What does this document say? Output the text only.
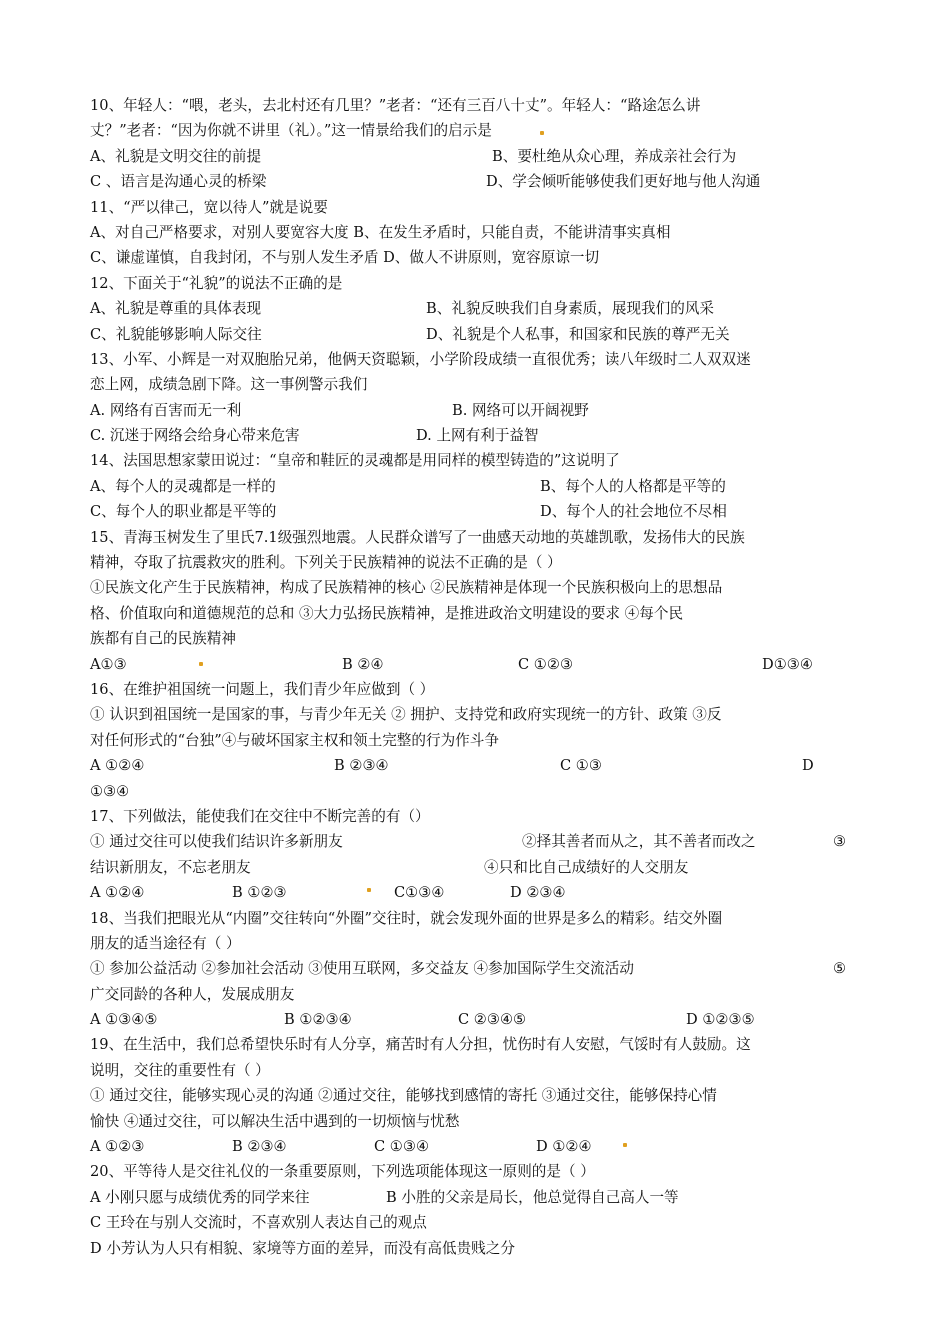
10、年轻人：“喂，老头，去北村还有几里？”老者：“还有三百八十丈”。年轻人：“路途怎么讲
丈？”老者：“因为你就不讲里（礼）。”这一情景给我们的启示是
A、礼貌是文明交往的前提	B、要杜绝从众心理，养成亲社会行为
C 、语言是沟通心灵的桥梁	D、学会倾听能够使我们更好地与他人沟通
11、“严以律己，宽以待人”就是说要
A、对自己严格要求，对别人要宽容大度 B、在发生矛盾时，只能自责，不能讲清事实真相
C、谦虚谨慎，自我封闭，不与别人发生矛盾 D、做人不讲原则，宽容原谅一切
12、下面关于“礼貌”的说法不正确的是
A、礼貌是尊重的具体表现	B、礼貌反映我们自身素质，展现我们的风采
C、礼貌能够影响人际交往	D、礼貌是个人私事，和国家和民族的尊严无关
13、小军、小辉是一对双胞胎兄弟，他俩天资聪颖，小学阶段成绩一直很优秀；读八年级时二人双双迷
恋上网，成绩急剧下降。这一事例警示我们
A. 网络有百害而无一利	B. 网络可以开阔视野
C. 沉迷于网络会给身心带来危害	D. 上网有利于益智
14、法国思想家蒙田说过：“皇帝和鞋匠的灵魂都是用同样的模型铸造的”这说明了
A、每个人的灵魂都是一样的	B、每个人的人格都是平等的
C、每个人的职业都是平等的	D、每个人的社会地位不尽相
15、青海玉树发生了里氏7.1级强烈地震。人民群众谱写了一曲感天动地的英雄凯歌，发扬伟大的民族
精神，夺取了抗震救灾的胜利。下列关于民族精神的说法不正确的是（ ）
①民族文化产生于民族精神，构成了民族精神的核心 ②民族精神是体现一个民族积极向上的思想品
格、价值取向和道德规范的总和 ③大力弘扬民族精神，是推进政治文明建设的要求 ④每个民
族都有自己的民族精神
A①③	B ②④	C ①②③	D①③④
16、在维护祖国统一问题上，我们青少年应做到（ ）
① 认识到祖国统一是国家的事，与青少年无关 ② 拥护、支持党和政府实现统一的方针、政策 ③反
对任何形式的“台独”④与破坏国家主权和领土完整的行为作斗争
A ①②④	B ②③④	C ①③	D
①③④
17、下列做法，能使我们在交往中不断完善的有（）
① 通过交往可以使我们结识许多新朋友	②择其善者而从之，其不善者而改之	③
结识新朋友，不忘老朋友	④只和比自己成绩好的人交朋友
A ①②④	B ①②③	C①③④	D ②③④
18、当我们把眼光从“内圈”交往转向“外圈”交往时，就会发现外面的世界是多么的精彩。结交外圈
朋友的适当途径有（ ）
① 参加公益活动 ②参加社会活动 ③使用互联网，多交益友 ④参加国际学生交流活动	⑤
广交同龄的各种人，发展成朋友
A ①③④⑤	B ①②③④	C ②③④⑤	D ①②③⑤
19、在生活中，我们总希望快乐时有人分享，痛苦时有人分担，忧伤时有人安慰，气馁时有人鼓励。这
说明，交往的重要性有（ ）
① 通过交往，能够实现心灵的沟通 ②通过交往，能够找到感情的寄托 ③通过交往，能够保持心情
愉快 ④通过交往，可以解决生活中遇到的一切烦恼与忧愁
A ①②③	B ②③④	C ①③④	D ①②④
20、平等待人是交往礼仪的一条重要原则，下列选项能体现这一原则的是（ ）
A 小刚只愿与成绩优秀的同学来往	B 小胜的父亲是局长，他总觉得自己高人一等
C 王玲在与别人交流时，不喜欢别人表达自己的观点
D 小芳认为人只有相貌、家境等方面的差异，而没有高低贵贱之分
